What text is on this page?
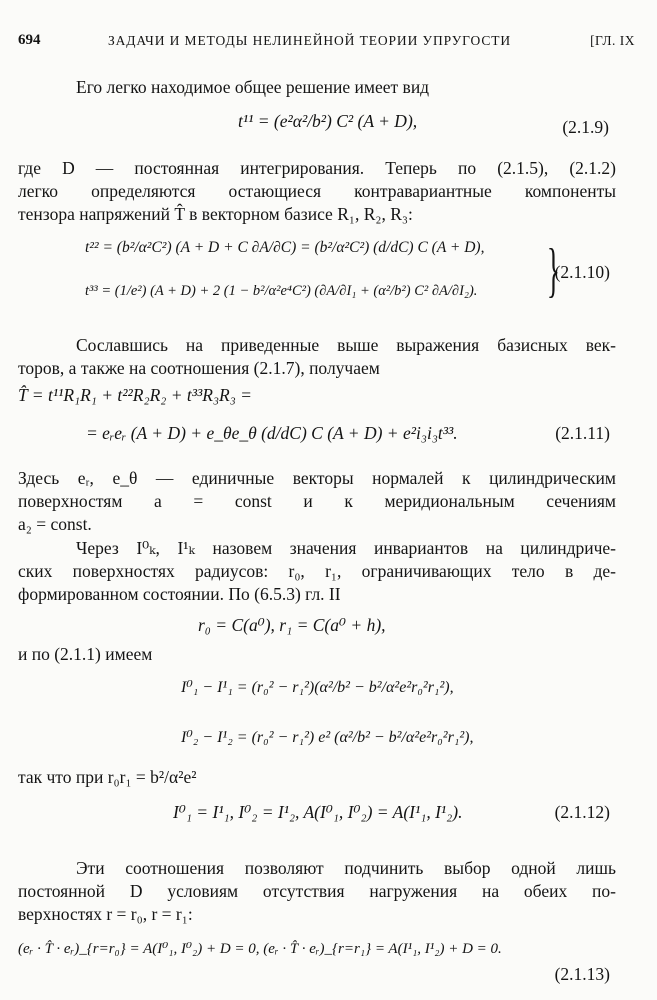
694	ЗАДАЧИ И МЕТОДЫ НЕЛИНЕЙНОЙ ТЕОРИИ УПРУГОСТИ	[ГЛ. IX
Его легко находимое общее решение имеет вид
t¹¹ = (e²α²/b²) C² (A + D),	(2.1.9)
где D — постоянная интегрирования. Теперь по (2.1.5), (2.1.2)
легко определяются остающиеся контравариантные компоненты
тензора напряжений T̂ в векторном базисе R₁, R₂, R₃:
t²² = (b²/α²C²) (A + D + C ∂A/∂C) = (b²/α²C²) (d/dC) C (A + D),
t³³ = (1/e²) (A + D) + 2 (1 − b²/α²e⁴C²) (∂A/∂I₁ + (α²/b²) C² ∂A/∂I₂). }
(2.1.10)
Сославшись на приведенные выше выражения базисных век-
торов, а также на соотношения (2.1.7), получаем
T̂ = t¹¹R₁R₁ + t²²R₂R₂ + t³³R₃R₃ =
= eᵣeᵣ (A + D) + e_θe_θ (d/dC) C (A + D) + e²i₃i₃t³³.	(2.1.11)
Здесь eᵣ, e_θ — единичные векторы нормалей к цилиндрическим
поверхностям a = const и к меридиональным сечениям
a₂ = const.
Через I⁰ₖ, I¹ₖ назовем значения инвариантов на цилиндриче-
ских поверхностях радиусов: r₀, r₁, ограничивающих тело в де-
формированном состоянии. По (6.5.3) гл. II
r₀ = C(a⁰), r₁ = C(a⁰ + h),
и по (2.1.1) имеем
I⁰₁ − I¹₁ = (r₀² − r₁²)(α²/b² − b²/α²e²r₀²r₁²),
I⁰₂ − I¹₂ = (r₀² − r₁²) e² (α²/b² − b²/α²e²r₀²r₁²),
так что при r₀r₁ = b²/α²e²
I⁰₁ = I¹₁, I⁰₂ = I¹₂, A(I⁰₁, I⁰₂) = A(I¹₁, I¹₂).	(2.1.12)
Эти соотношения позволяют подчинить выбор одной лишь
постоянной D условиям отсутствия нагружения на обеих по-
верхностях r = r₀, r = r₁:
(eᵣ · T̂ · eᵣ)_{r=r₀} = A(I⁰₁, I⁰₂) + D = 0, (eᵣ · T̂ · eᵣ)_{r=r₁} = A(I¹₁, I¹₂) + D = 0.
(2.1.13)
